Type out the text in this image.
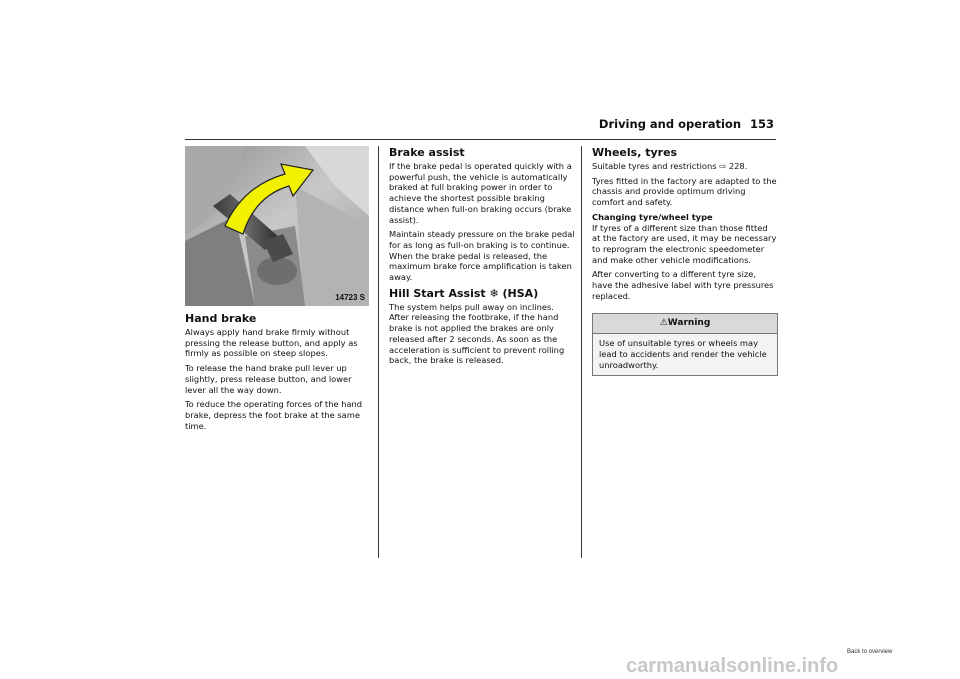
Driving and operation 153
14723 S
Hand brake

Always apply hand brake firmly without pressing the release button, and apply as firmly as possible on steep slopes.

To release the hand brake pull lever up slightly, press release button, and lower lever all the way down.

To reduce the operating forces of the hand brake, depress the foot brake at the same time.

Brake assist

If the brake pedal is operated quickly with a powerful push, the vehicle is automatically braked at full braking power in order to achieve the shortest possible braking distance when full-on braking occurs (brake assist).

Maintain steady pressure on the brake pedal for as long as full-on braking is to continue. When the brake pedal is released, the maximum brake force amplification is taken away.

Hill Start Assist ❄ (HSA)

The system helps pull away on inclines. After releasing the footbrake, if the hand brake is not applied the brakes are only released after 2 seconds. As soon as the acceleration is sufficient to prevent rolling back, the brake is released.

Wheels, tyres

Suitable tyres and restrictions ⇨ 228.

Tyres fitted in the factory are adapted to the chassis and provide optimum driving comfort and safety.

Changing tyre/wheel type

If tyres of a different size than those fitted at the factory are used, it may be necessary to reprogram the electronic speedometer and make other vehicle modifications.

After converting to a different tyre size, have the adhesive label with tyre pressures replaced.

⚠Warning
Use of unsuitable tyres or wheels may lead to accidents and render the vehicle unroadworthy.
carmanualsonline.info
Back to overview
